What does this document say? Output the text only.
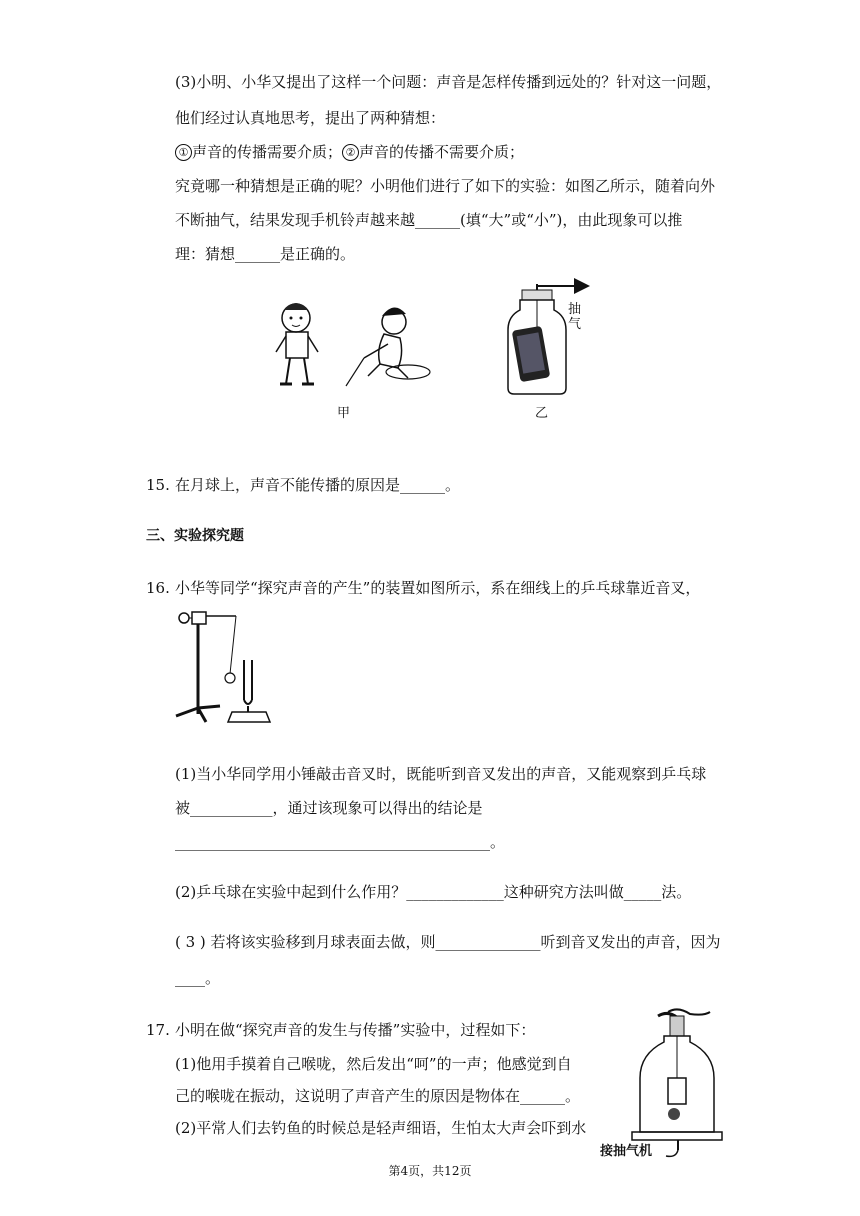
(3)小明、小华又提出了这样一个问题：声音是怎样传播到远处的？针对这一问题，
他们经过认真地思考，提出了两种猜想：
① 声音的传播需要介质； ② 声音的传播不需要介质；
究竟哪一种猜想是正确的呢？小明他们进行了如下的实验：如图乙所示，随着向外
不断抽气，结果发现手机铃声越来越______(填“大”或“小”)，由此现象可以推
理：猜想______是正确的。
抽气
甲	乙
15. 在月球上，声音不能传播的原因是______。
三、实验探究题
16. 小华等同学“探究声音的产生”的装置如图所示，系在细线上的乒乓球靠近音叉，
(1)当小华同学用小锤敲击音叉时，既能听到音叉发出的声音，又能观察到乒乓球
被___________，通过该现象可以得出的结论是
__________________________________________。
(2)乒乓球在实验中起到什么作用？_____________这种研究方法叫做_____法。
( 3 ) 若将该实验移到月球表面去做，则______________听到音叉发出的声音，因为
____。
17. 小明在做“探究声音的发生与传播”实验中，过程如下：
(1)他用手摸着自己喉咙，然后发出“呵”的一声；他感觉到自
己的喉咙在振动，这说明了声音产生的原因是物体在______。
(2)平常人们去钓鱼的时候总是轻声细语，生怕太大声会吓到水
接抽气机
第4页，共12页
